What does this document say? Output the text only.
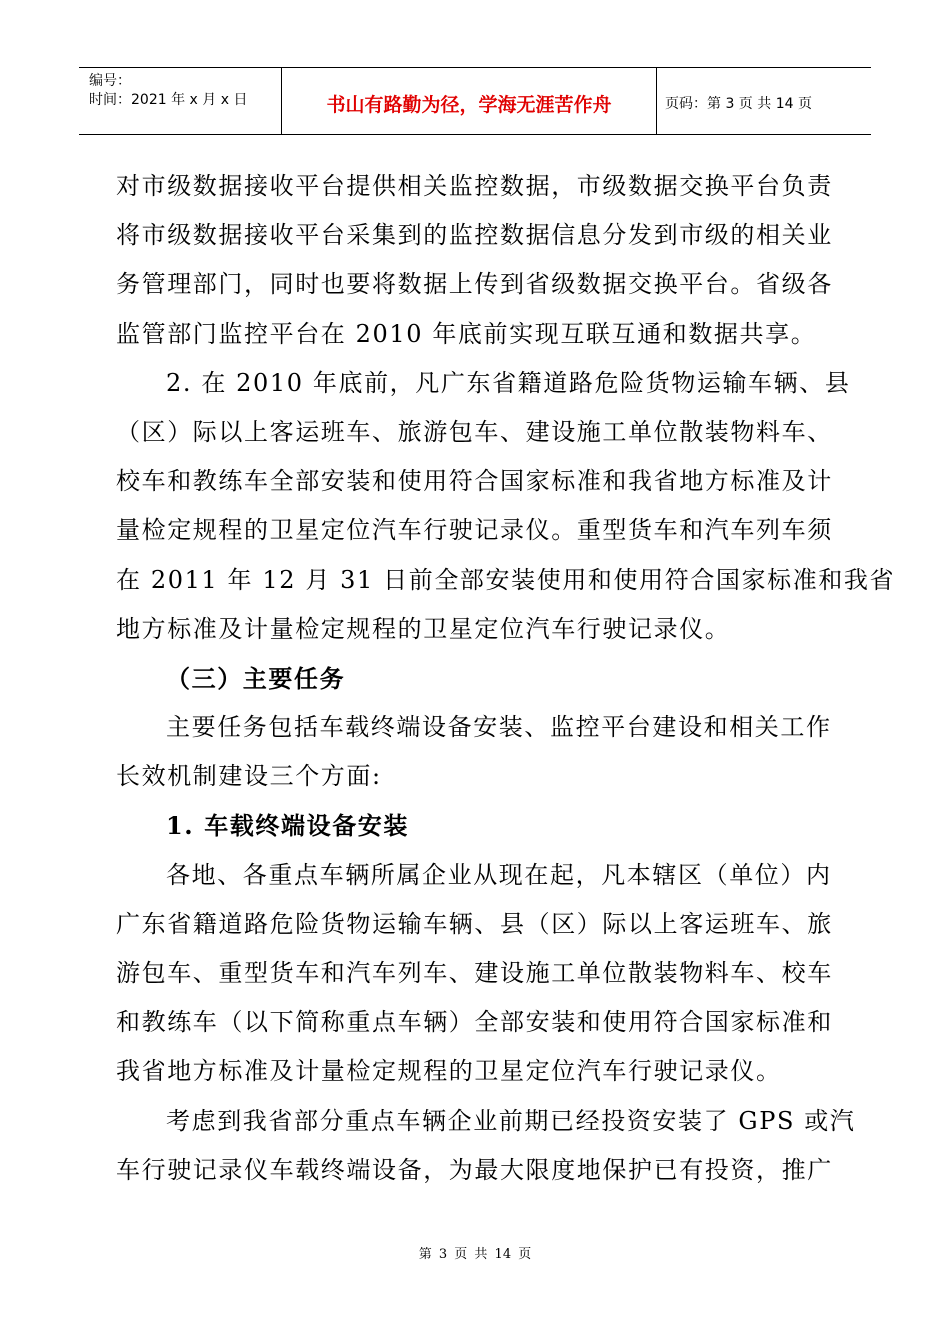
编号：
时间：2021 年 x 月 x 日	书山有路勤为径，学海无涯苦作舟	页码：第 3 页 共 14 页
对市级数据接收平台提供相关监控数据，市级数据交换平台负责
将市级数据接收平台采集到的监控数据信息分发到市级的相关业
务管理部门，同时也要将数据上传到省级数据交换平台。省级各
监管部门监控平台在 2010 年底前实现互联互通和数据共享。
2. 在 2010 年底前，凡广东省籍道路危险货物运输车辆、县
（区）际以上客运班车、旅游包车、建设施工单位散装物料车、
校车和教练车全部安装和使用符合国家标准和我省地方标准及计
量检定规程的卫星定位汽车行驶记录仪。重型货车和汽车列车须
在 2011 年 12 月 31 日前全部安装使用和使用符合国家标准和我省
地方标准及计量检定规程的卫星定位汽车行驶记录仪。
（三）主要任务
主要任务包括车载终端设备安装、监控平台建设和相关工作
长效机制建设三个方面:
1. 车载终端设备安装
各地、各重点车辆所属企业从现在起，凡本辖区（单位）内
广东省籍道路危险货物运输车辆、县（区）际以上客运班车、旅
游包车、重型货车和汽车列车、建设施工单位散装物料车、校车
和教练车（以下简称重点车辆）全部安装和使用符合国家标准和
我省地方标准及计量检定规程的卫星定位汽车行驶记录仪。
考虑到我省部分重点车辆企业前期已经投资安装了 GPS 或汽
车行驶记录仪车载终端设备，为最大限度地保护已有投资，推广
第 3 页 共 14 页
